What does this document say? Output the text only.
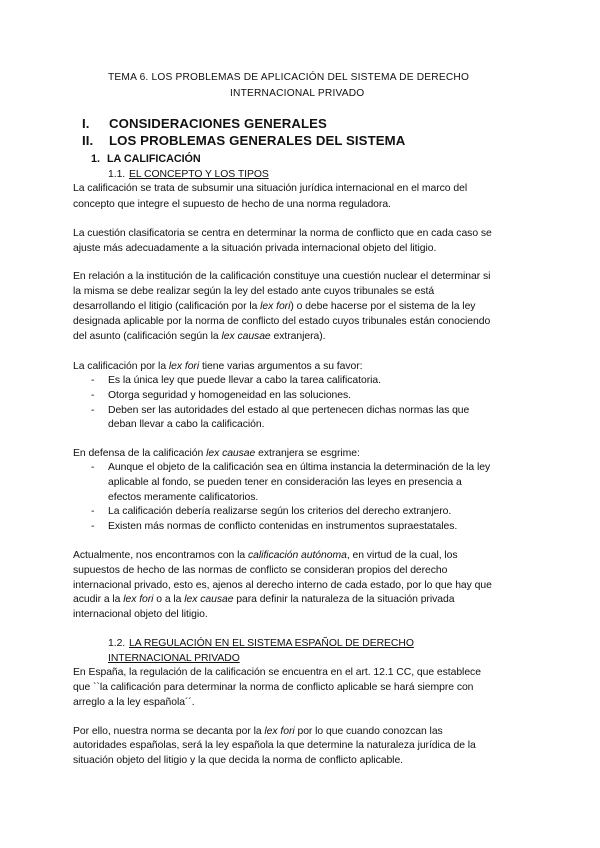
TEMA 6. LOS PROBLEMAS DE APLICACIÓN DEL SISTEMA DE DERECHO
INTERNACIONAL PRIVADO
I. CONSIDERACIONES GENERALES
II. LOS PROBLEMAS GENERALES DEL SISTEMA
1. LA CALIFICACIÓN
1.1. EL CONCEPTO Y LOS TIPOS
La calificación se trata de subsumir una situación jurídica internacional en el marco del
concepto que integre el supuesto de hecho de una norma reguladora.
La cuestión clasificatoria se centra en determinar la norma de conflicto que en cada caso se
ajuste más adecuadamente a la situación privada internacional objeto del litigio.
En relación a la institución de la calificación constituye una cuestión nuclear el determinar si
la misma se debe realizar según la ley del estado ante cuyos tribunales se está
desarrollando el litigio (calificación por la lex fori) o debe hacerse por el sistema de la ley
designada aplicable por la norma de conflicto del estado cuyos tribunales están conociendo
del asunto (calificación según la lex causae extranjera).
La calificación por la lex fori tiene varias argumentos a su favor:
- Es la única ley que puede llevar a cabo la tarea calificatoria.
- Otorga seguridad y homogeneidad en las soluciones.
- Deben ser las autoridades del estado al que pertenecen dichas normas las que
deban llevar a cabo la calificación.
En defensa de la calificación lex causae extranjera se esgrime:
- Aunque el objeto de la calificación sea en última instancia la determinación de la ley
aplicable al fondo, se pueden tener en consideración las leyes en presencia a
efectos meramente calificatorios.
- La calificación debería realizarse según los criterios del derecho extranjero.
- Existen más normas de conflicto contenidas en instrumentos supraestatales.
Actualmente, nos encontramos con la calificación autónoma, en virtud de la cual, los
supuestos de hecho de las normas de conflicto se consideran propios del derecho
internacional privado, esto es, ajenos al derecho interno de cada estado, por lo que hay que
acudir a la lex fori o a la lex causae para definir la naturaleza de la situación privada
internacional objeto del litigio.
1.2. LA REGULACIÓN EN EL SISTEMA ESPAÑOL DE DERECHO
INTERNACIONAL PRIVADO
En España, la regulación de la calificación se encuentra en el art. 12.1 CC, que establece
que ``la calificación para determinar la norma de conflicto aplicable se hará siempre con
arreglo a la ley española´´.
Por ello, nuestra norma se decanta por la lex fori por lo que cuando conozcan las
autoridades españolas, será la ley española la que determine la naturaleza jurídica de la
situación objeto del litigio y la que decida la norma de conflicto aplicable.
